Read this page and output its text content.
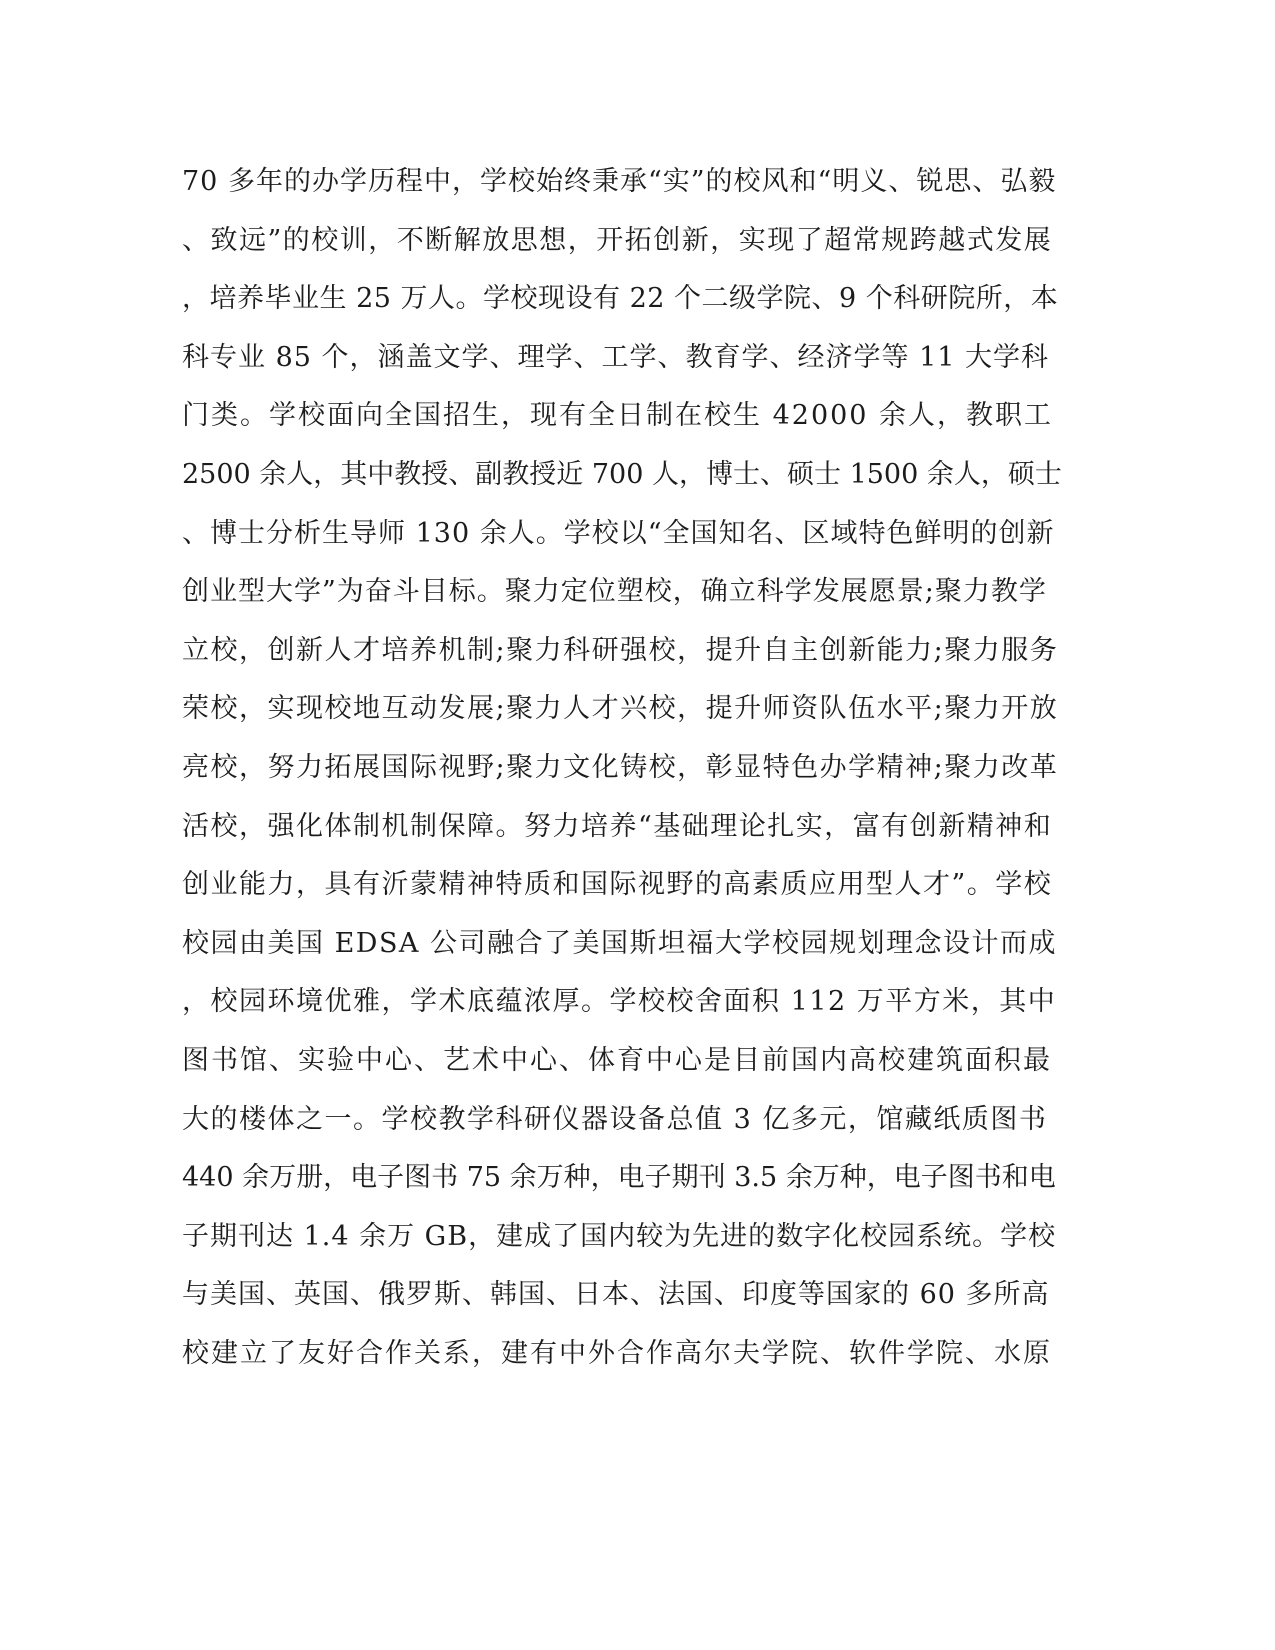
70 多年的办学历程中，学校始终秉承“实”的校风和“明义、锐思、弘毅
、致远”的校训，不断解放思想，开拓创新，实现了超常规跨越式发展
，培养毕业生 25 万人。学校现设有 22 个二级学院、9 个科研院所，本
科专业 85 个，涵盖文学、理学、工学、教育学、经济学等 11 大学科
门类。学校面向全国招生，现有全日制在校生 42000 余人，教职工
2500 余人，其中教授、副教授近 700 人，博士、硕士 1500 余人，硕士
、博士分析生导师 130 余人。学校以“全国知名、区域特色鲜明的创新
创业型大学”为奋斗目标。聚力定位塑校，确立科学发展愿景;聚力教学
立校，创新人才培养机制;聚力科研强校，提升自主创新能力;聚力服务
荣校，实现校地互动发展;聚力人才兴校，提升师资队伍水平;聚力开放
亮校，努力拓展国际视野;聚力文化铸校，彰显特色办学精神;聚力改革
活校，强化体制机制保障。努力培养“基础理论扎实，富有创新精神和
创业能力，具有沂蒙精神特质和国际视野的高素质应用型人才”。学校
校园由美国 EDSA 公司融合了美国斯坦福大学校园规划理念设计而成
，校园环境优雅，学术底蕴浓厚。学校校舍面积 112 万平方米，其中
图书馆、实验中心、艺术中心、体育中心是目前国内高校建筑面积最
大的楼体之一。学校教学科研仪器设备总值 3 亿多元，馆藏纸质图书
440 余万册，电子图书 75 余万种，电子期刊 3.5 余万种，电子图书和电
子期刊达 1.4 余万 GB，建成了国内较为先进的数字化校园系统。学校
与美国、英国、俄罗斯、韩国、日本、法国、印度等国家的 60 多所高
校建立了友好合作关系，建有中外合作高尔夫学院、软件学院、水原
